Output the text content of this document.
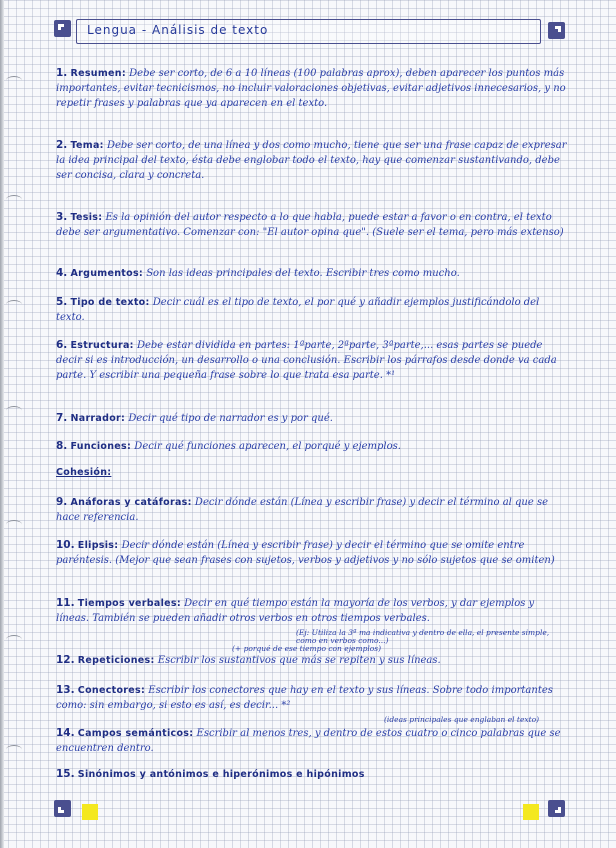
Lengua - Análisis de texto
1. Resumen: Debe ser corto, de 6 a 10 líneas (100 palabras aprox), deben aparecer los puntos más importantes, evitar tecnicismos, no incluir valoraciones objetivas, evitar adjetivos innecesarios, y no repetir frases y palabras que ya aparecen en el texto.
2. Tema: Debe ser corto, de una línea y dos como mucho, tiene que ser una frase capaz de expresar la idea principal del texto, ésta debe englobar todo el texto, hay que comenzar sustantivando, debe ser concisa, clara y concreta.
3. Tesis: Es la opinión del autor respecto a lo que habla, puede estar a favor o en contra, el texto debe ser argumentativo. Comenzar con: "El autor opina que". (Suele ser el tema, pero más extenso)
4. Argumentos: Son las ideas principales del texto. Escribir tres como mucho.
5. Tipo de texto: Decir cuál es el tipo de texto, el por qué y añadir ejemplos justificándolo del texto.
6. Estructura: Debe estar dividida en partes: 1ªparte, 2ªparte, 3ªparte,... esas partes se puede decir si es introducción, un desarrollo o una conclusión. Escribir los párrafos desde donde va cada parte. Y escribir una pequeña frase sobre lo que trata esa parte. *¹
7. Narrador: Decir qué tipo de narrador es y por qué.
8. Funciones: Decir qué funciones aparecen, el porqué y ejemplos.
Cohesión:
9. Anáforas y catáforas: Decir dónde están (Línea y escribir frase) y decir el término al que se hace referencia.
10. Elipsis: Decir dónde están (Línea y escribir frase) y decir el término que se omite entre paréntesis. (Mejor que sean frases con sujetos, verbos y adjetivos y no sólo sujetos que se omiten)
11. Tiempos verbales: Decir en qué tiempo están la mayoría de los verbos, y dar ejemplos y líneas. También se pueden añadir otros verbos en otros tiempos verbales.
(Ej: Utiliza la 3ª ma indicativa y dentro de ella, el presente simple, como en verbos como...)
(+ porqué de ese tiempo con ejemplos)
12. Repeticiones: Escribir los sustantivos que más se repiten y sus líneas.
13. Conectores: Escribir los conectores que hay en el texto y sus líneas. Sobre todo importantes como: sin embargo, si esto es así, es decir... *²
(ideas principales que englaban el texto)
14. Campos semánticos: Escribir al menos tres, y dentro de estos cuatro o cinco palabras que se encuentren dentro.
15. Sinónimos y antónimos e hiperónimos e hipónimos
